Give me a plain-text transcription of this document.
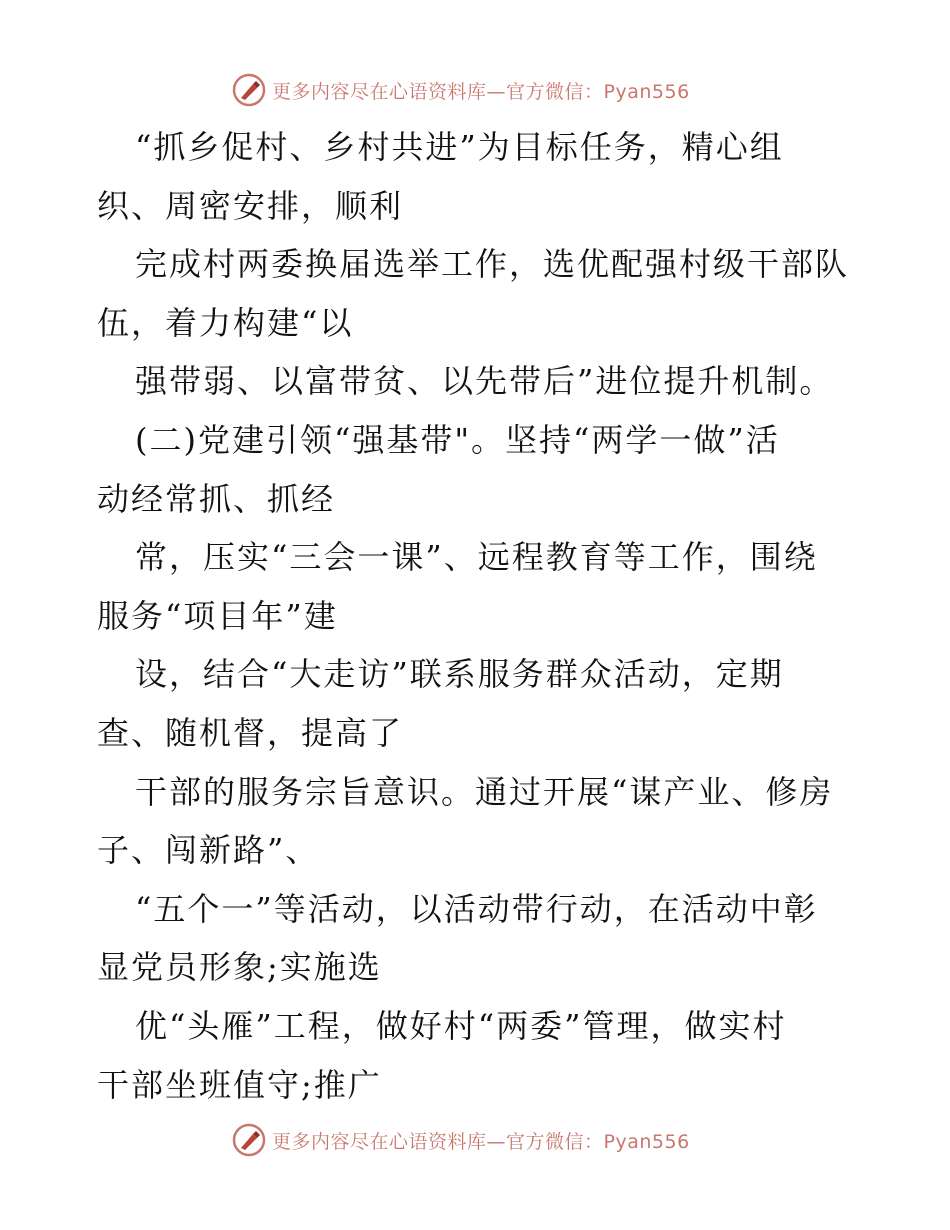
更多内容尽在心语资料库—官方微信：Pyan556
“抓乡促村、乡村共进”为目标任务，精心组
织、周密安排，顺利
完成村两委换届选举工作，选优配强村级干部队
伍，着力构建“以
强带弱、以富带贫、以先带后”进位提升机制。
(二)党建引领“强基带"。坚持“两学一做”活
动经常抓、抓经
常，压实“三会一课”、远程教育等工作，围绕
服务“项目年”建
设，结合“大走访”联系服务群众活动，定期
查、随机督，提高了
干部的服务宗旨意识。通过开展“谋产业、修房
子、闯新路”、
“五个一”等活动，以活动带行动，在活动中彰
显党员形象;实施选
优“头雁”工程，做好村“两委”管理，做实村
干部坐班值守;推广
更多内容尽在心语资料库—官方微信：Pyan556
